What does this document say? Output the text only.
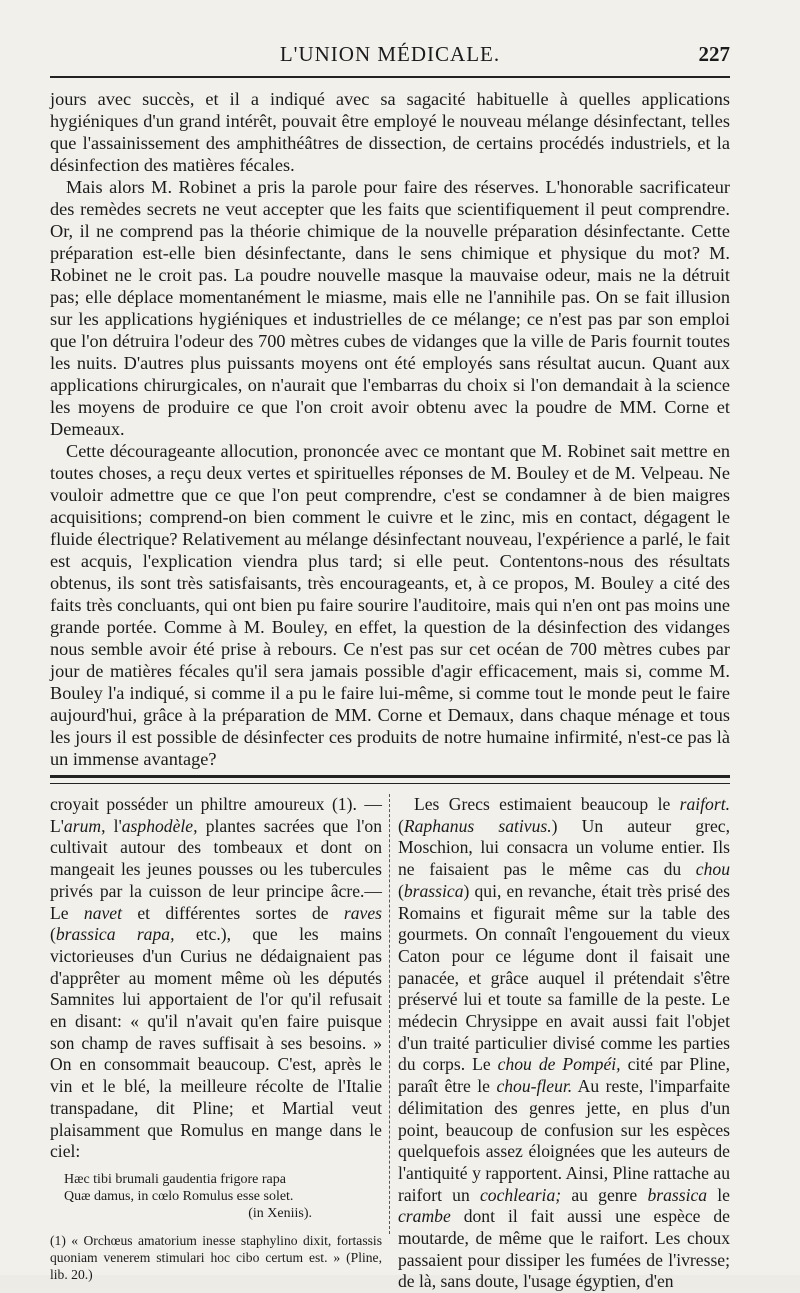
L'UNION MÉDICALE.	227

jours avec succès, et il a indiqué avec sa sagacité habituelle à quelles applications hygiéniques d'un grand intérêt, pouvait être employé le nouveau mélange désinfectant, telles que l'assainissement des amphithéâtres de dissection, de certains procédés industriels, et la désinfection des matières fécales.

Mais alors M. Robinet a pris la parole pour faire des réserves. L'honorable sacrificateur des remèdes secrets ne veut accepter que les faits que scientifiquement il peut comprendre. Or, il ne comprend pas la théorie chimique de la nouvelle préparation désinfectante. Cette préparation est-elle bien désinfectante, dans le sens chimique et physique du mot? M. Robinet ne le croit pas. La poudre nouvelle masque la mauvaise odeur, mais ne la détruit pas; elle déplace momentanément le miasme, mais elle ne l'annihile pas. On se fait illusion sur les applications hygiéniques et industrielles de ce mélange; ce n'est pas par son emploi que l'on détruira l'odeur des 700 mètres cubes de vidanges que la ville de Paris fournit toutes les nuits. D'autres plus puissants moyens ont été employés sans résultat aucun. Quant aux applications chirurgicales, on n'aurait que l'embarras du choix si l'on demandait à la science les moyens de produire ce que l'on croit avoir obtenu avec la poudre de MM. Corne et Demeaux.

Cette décourageante allocution, prononcée avec ce montant que M. Robinet sait mettre en toutes choses, a reçu deux vertes et spirituelles réponses de M. Bouley et de M. Velpeau. Ne vouloir admettre que ce que l'on peut comprendre, c'est se condamner à de bien maigres acquisitions; comprend-on bien comment le cuivre et le zinc, mis en contact, dégagent le fluide électrique? Relativement au mélange désinfectant nouveau, l'expérience a parlé, le fait est acquis, l'explication viendra plus tard; si elle peut. Contentons-nous des résultats obtenus, ils sont très satisfaisants, très encourageants, et, à ce propos, M. Bouley a cité des faits très concluants, qui ont bien pu faire sourire l'auditoire, mais qui n'en ont pas moins une grande portée. Comme à M. Bouley, en effet, la question de la désinfection des vidanges nous semble avoir été prise à rebours. Ce n'est pas sur cet océan de 700 mètres cubes par jour de matières fécales qu'il sera jamais possible d'agir efficacement, mais si, comme M. Bouley l'a indiqué, si comme il a pu le faire lui-même, si comme tout le monde peut le faire aujourd'hui, grâce à la préparation de MM. Corne et Demaux, dans chaque ménage et tous les jours il est possible de désinfecter ces produits de notre humaine infirmité, n'est-ce pas là un immense avantage?

croyait posséder un philtre amoureux (1). — L'arum, l'asphodèle, plantes sacrées que l'on cultivait autour des tombeaux et dont on mangeait les jeunes pousses ou les tubercules privés par la cuisson de leur principe âcre.— Le navet et différentes sortes de raves (brassica rapa, etc.), que les mains victorieuses d'un Curius ne dédaignaient pas d'apprêter au moment même où les députés Samnites lui apportaient de l'or qu'il refusait en disant: « qu'il n'avait qu'en faire puisque son champ de raves suffisait à ses besoins. » On en consommait beaucoup. C'est, après le vin et le blé, la meilleure récolte de l'Italie transpadane, dit Pline; et Martial veut plaisamment que Romulus en mange dans le ciel:

Hæc tibi brumali gaudentia frigore rapa
Quæ damus, in cœlo Romulus esse solet.
(in Xeniis).

(1) « Orchœus amatorium inesse staphylino dixit, fortassis quoniam venerem stimulari hoc cibo certum est. » (Pline, lib. 20.)

Les Grecs estimaient beaucoup le raifort. (Raphanus sativus.) Un auteur grec, Moschion, lui consacra un volume entier. Ils ne faisaient pas le même cas du chou (brassica) qui, en revanche, était très prisé des Romains et figurait même sur la table des gourmets. On connaît l'engouement du vieux Caton pour ce légume dont il faisait une panacée, et grâce auquel il prétendait s'être préservé lui et toute sa famille de la peste. Le médecin Chrysippe en avait aussi fait l'objet d'un traité particulier divisé comme les parties du corps. Le chou de Pompéi, cité par Pline, paraît être le chou-fleur. Au reste, l'imparfaite délimitation des genres jette, en plus d'un point, beaucoup de confusion sur les espèces quelquefois assez éloignées que les auteurs de l'antiquité y rapportent. Ainsi, Pline rattache au raifort un cochlearia; au genre brassica le crambe dont il fait aussi une espèce de moutarde, de même que le raifort. Les choux passaient pour dissiper les fumées de l'ivresse; de là, sans doute, l'usage égyptien, d'en
